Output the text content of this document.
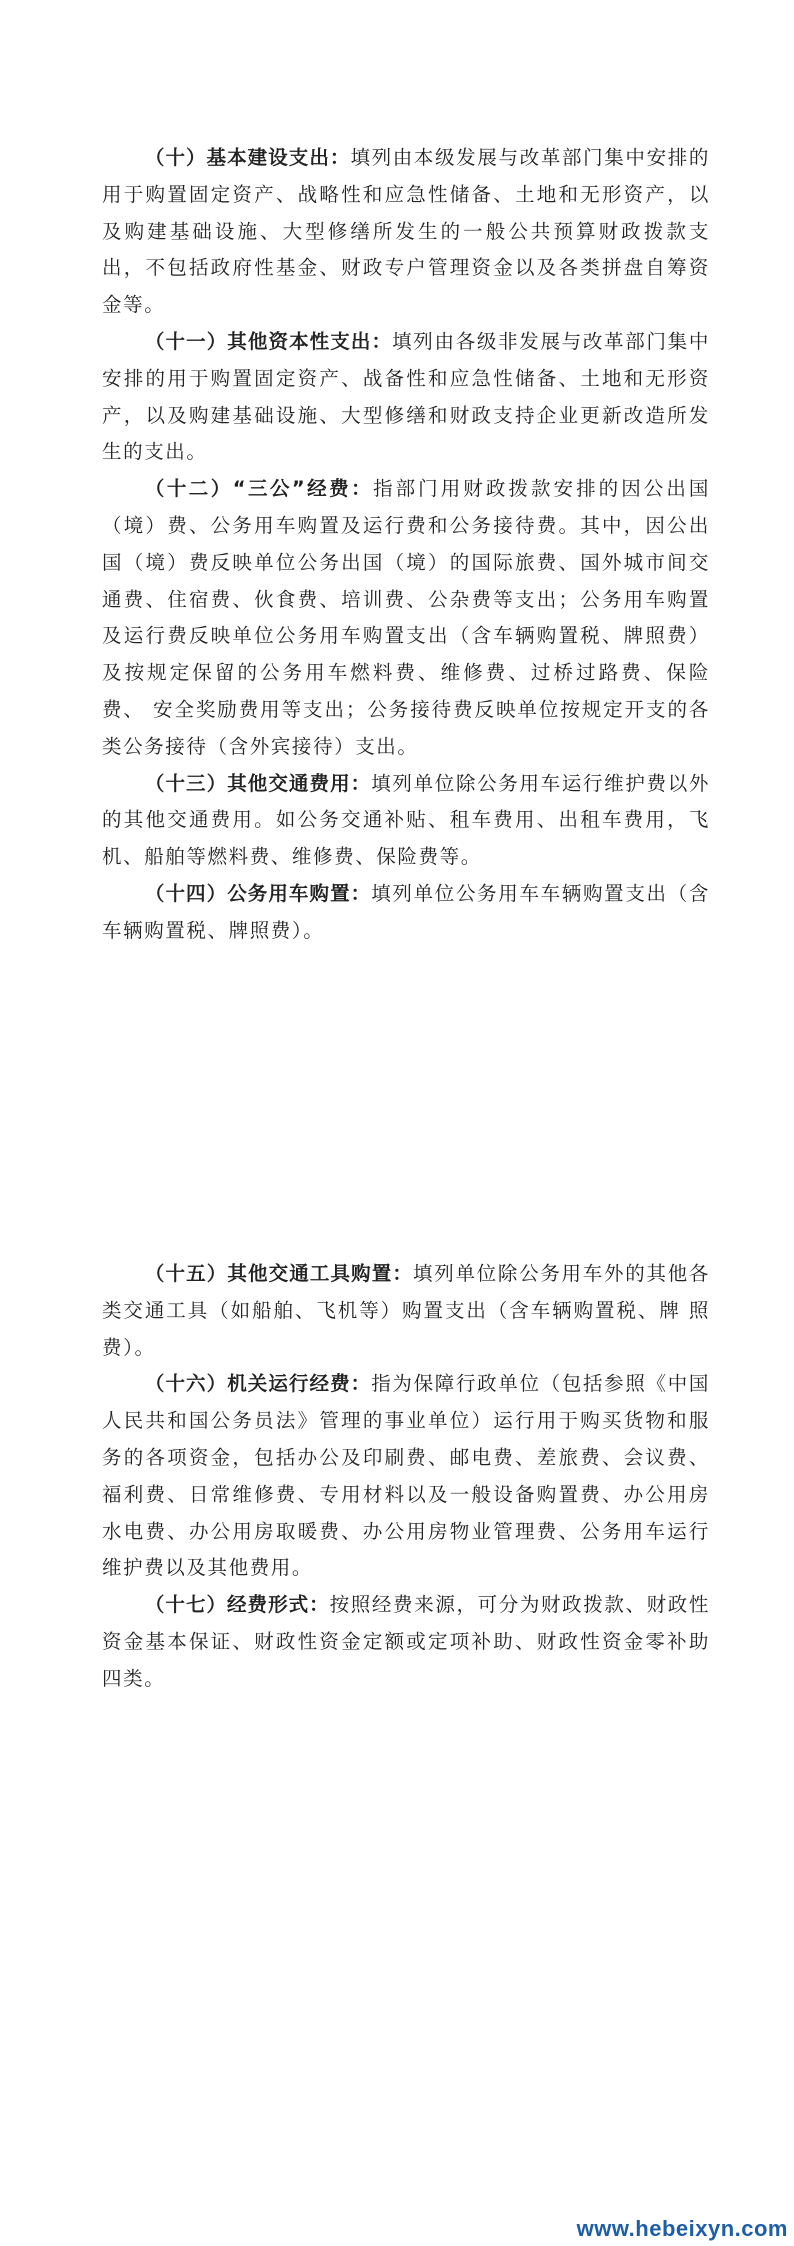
（十）基本建设支出：填列由本级发展与改革部门集中安排的用于购置固定资产、战略性和应急性储备、土地和无形资产，以及购建基础设施、大型修缮所发生的一般公共预算财政拨款支出，不包括政府性基金、财政专户管理资金以及各类拼盘自筹资金等。

（十一）其他资本性支出：填列由各级非发展与改革部门集中安排的用于购置固定资产、战备性和应急性储备、土地和无形资产，以及购建基础设施、大型修缮和财政支持企业更新改造所发生的支出。

（十二）“三公”经费：指部门用财政拨款安排的因公出国（境）费、公务用车购置及运行费和公务接待费。其中，因公出国（境）费反映单位公务出国（境）的国际旅费、国外城市间交通费、住宿费、伙食费、培训费、公杂费等支出；公务用车购置及运行费反映单位公务用车购置支出（含车辆购置税、牌照费） 及按规定保留的公务用车燃料费、维修费、过桥过路费、保险费、 安全奖励费用等支出；公务接待费反映单位按规定开支的各类公务接待（含外宾接待）支出。

（十三）其他交通费用：填列单位除公务用车运行维护费以外的其他交通费用。如公务交通补贴、租车费用、出租车费用，飞机、船舶等燃料费、维修费、保险费等。

（十四）公务用车购置：填列单位公务用车车辆购置支出（含车辆购置税、牌照费）。

（十五）其他交通工具购置：填列单位除公务用车外的其他各类交通工具（如船舶、飞机等）购置支出（含车辆购置税、牌 照费）。

（十六）机关运行经费：指为保障行政单位（包括参照《中国人民共和国公务员法》管理的事业单位）运行用于购买货物和服务的各项资金，包括办公及印刷费、邮电费、差旅费、会议费、福利费、日常维修费、专用材料以及一般设备购置费、办公用房水电费、办公用房取暖费、办公用房物业管理费、公务用车运行维护费以及其他费用。

（十七）经费形式：按照经费来源，可分为财政拨款、财政性资金基本保证、财政性资金定额或定项补助、财政性资金零补助四类。

www.hebeixyn.com
